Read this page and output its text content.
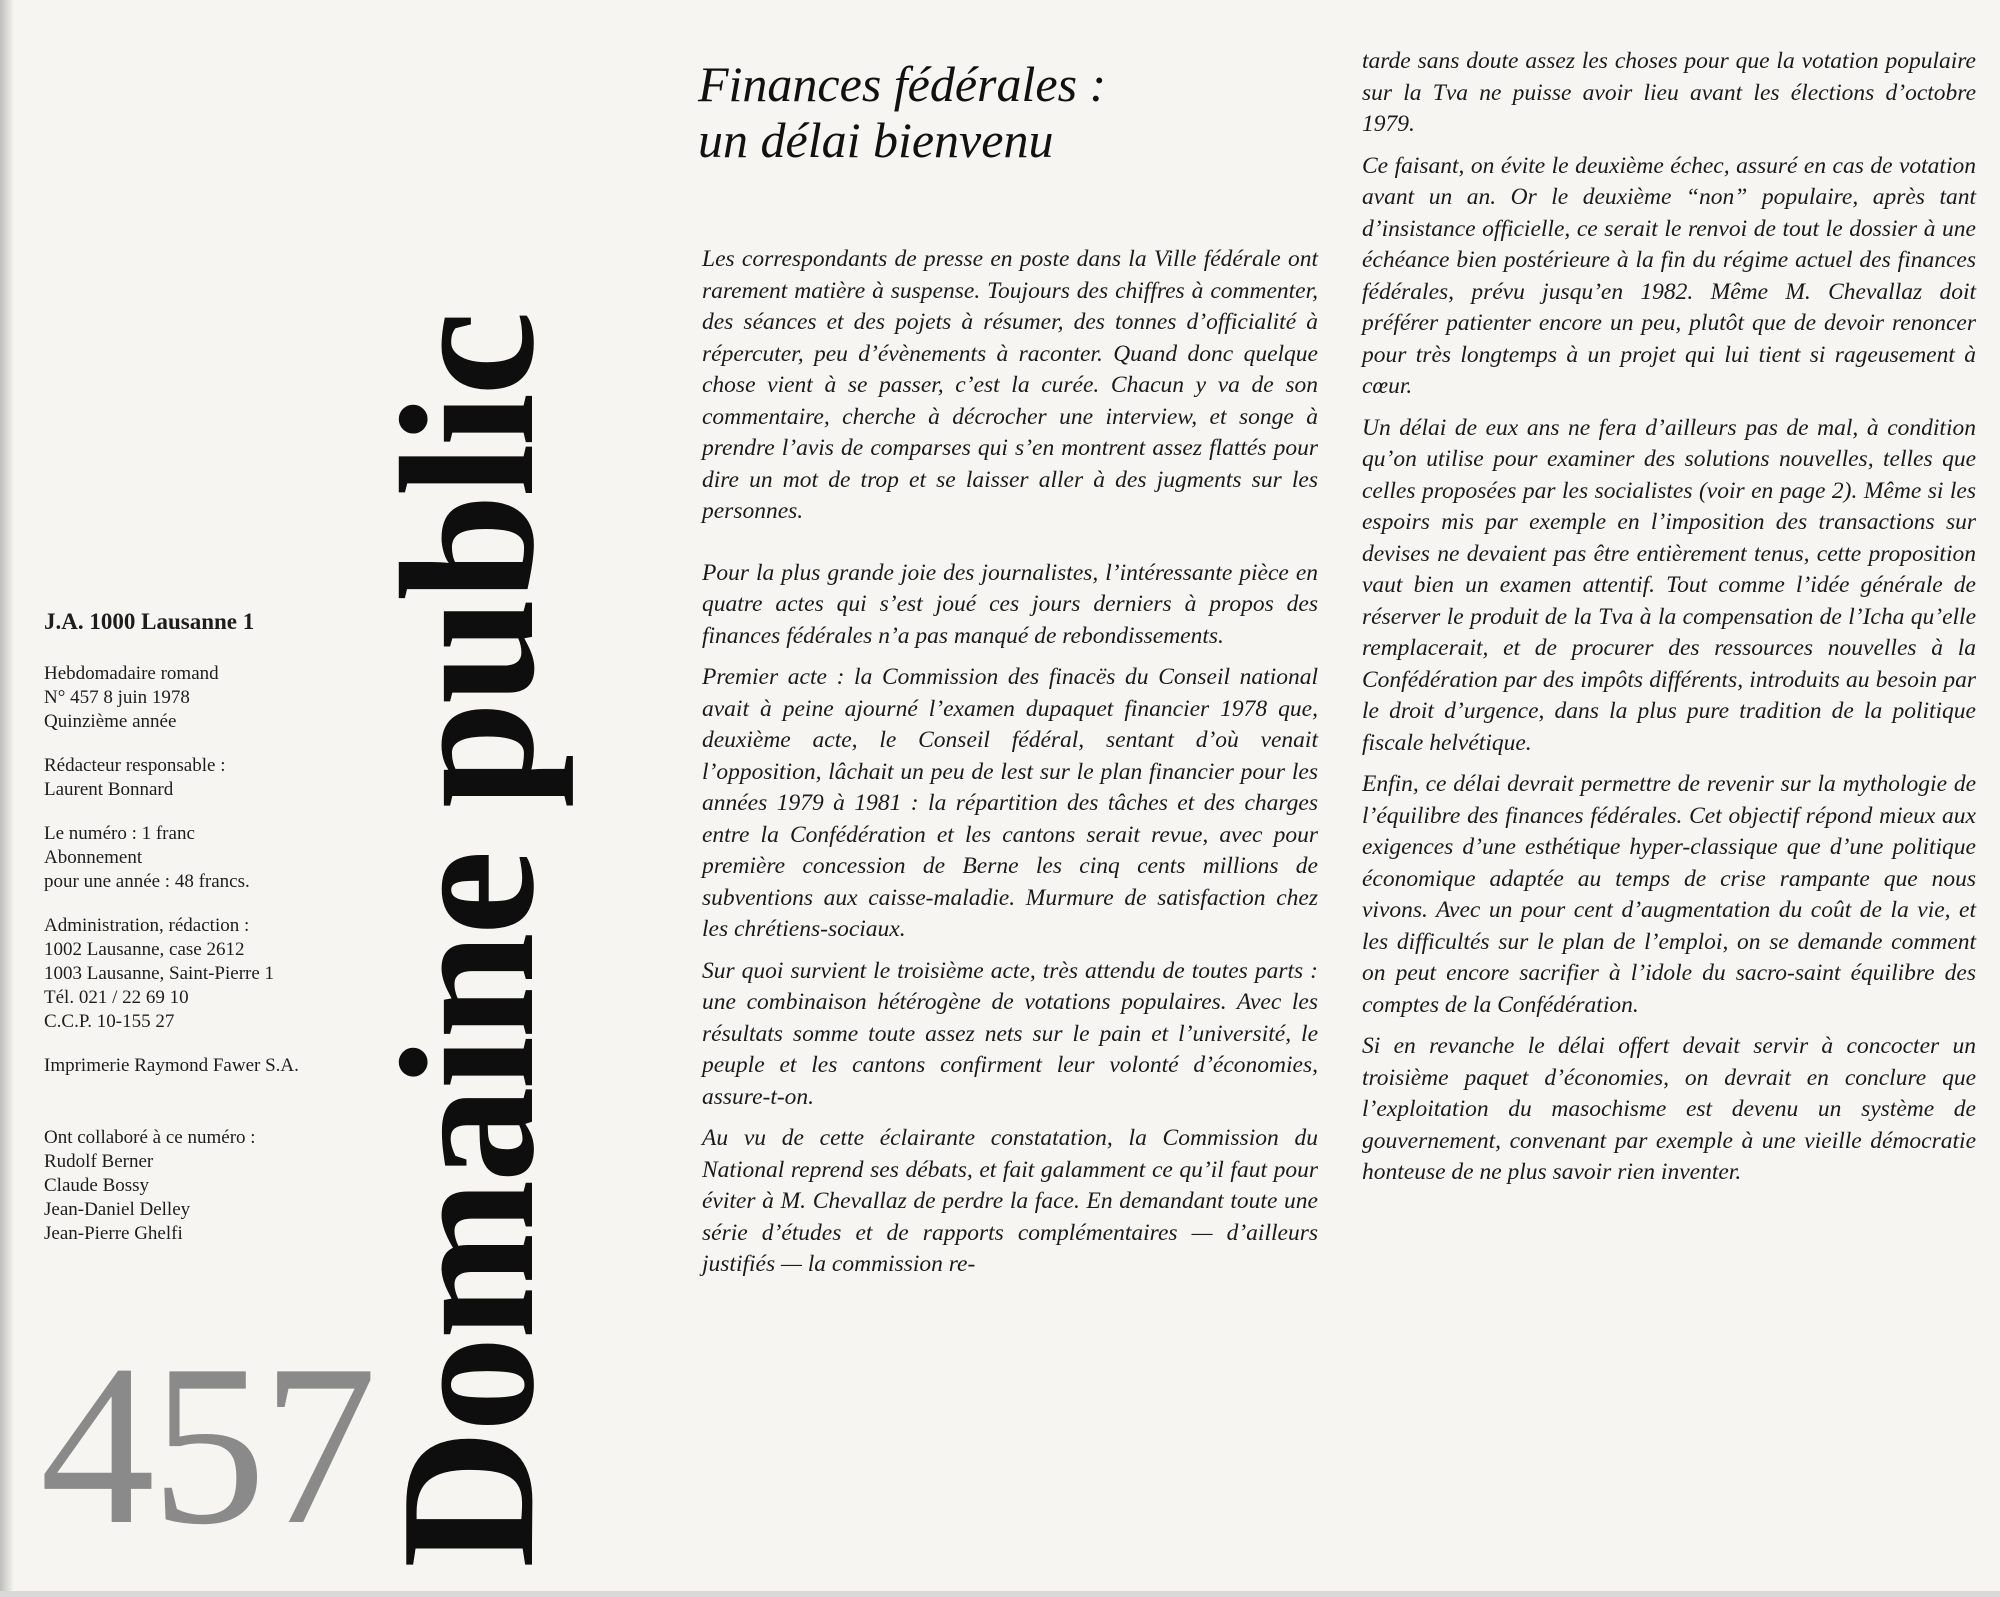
J.A. 1000 Lausanne 1
Hebdomadaire romand
N° 457 8 juin 1978
Quinzième année
Rédacteur responsable :
Laurent Bonnard
Le numéro : 1 franc
Abonnement
pour une année : 48 francs.
Administration, rédaction :
1002 Lausanne, case 2612
1003 Lausanne, Saint-Pierre 1
Tél. 021 / 22 69 10
C.C.P. 10-155 27
Imprimerie Raymond Fawer S.A.
Ont collaboré à ce numéro :
Rudolf Berner
Claude Bossy
Jean-Daniel Delley
Jean-Pierre Ghelfi
457
Domaine public
Finances fédérales :
un délai bienvenu

Les correspondants de presse en poste dans la Ville fédérale ont rarement matière à suspense. Toujours des chiffres à commenter, des séances et des pojets à résumer, des tonnes d’officialité à répercuter, peu d’évènements à raconter. Quand donc quelque chose vient à se passer, c’est la curée. Chacun y va de son commentaire, cherche à décrocher une interview, et songe à prendre l’avis de comparses qui s’en montrent assez flattés pour dire un mot de trop et se laisser aller à des jugments sur les personnes.

Pour la plus grande joie des journalistes, l’intéressante pièce en quatre actes qui s’est joué ces jours derniers à propos des finances fédérales n’a pas manqué de rebondissements.

Premier acte : la Commission des finacës du Conseil national avait à peine ajourné l’examen dupaquet financier 1978 que, deuxième acte, le Conseil fédéral, sentant d’où venait l’opposition, lâchait un peu de lest sur le plan financier pour les années 1979 à 1981 : la répartition des tâches et des charges entre la Confédération et les cantons serait revue, avec pour première concession de Berne les cinq cents millions de subventions aux caisse-maladie. Murmure de satisfaction chez les chrétiens-sociaux.

Sur quoi survient le troisième acte, très attendu de toutes parts : une combinaison hétérogène de votations populaires. Avec les résultats somme toute assez nets sur le pain et l’université, le peuple et les cantons confirment leur volonté d’économies, assure-t-on.

Au vu de cette éclairante constatation, la Commission du National reprend ses débats, et fait galamment ce qu’il faut pour éviter à M. Chevallaz de perdre la face. En demandant toute une série d’études et de rapports complémentaires — d’ailleurs justifiés — la commission re-

tarde sans doute assez les choses pour que la votation populaire sur la Tva ne puisse avoir lieu avant les élections d’octobre 1979.

Ce faisant, on évite le deuxième échec, assuré en cas de votation avant un an. Or le deuxième “non” populaire, après tant d’insistance officielle, ce serait le renvoi de tout le dossier à une échéance bien postérieure à la fin du régime actuel des finances fédérales, prévu jusqu’en 1982. Même M. Chevallaz doit préférer patienter encore un peu, plutôt que de devoir renoncer pour très longtemps à un projet qui lui tient si rageusement à cœur.

Un délai de eux ans ne fera d’ailleurs pas de mal, à condition qu’on utilise pour examiner des solutions nouvelles, telles que celles proposées par les socialistes (voir en page 2). Même si les espoirs mis par exemple en l’imposition des transactions sur devises ne devaient pas être entièrement tenus, cette proposition vaut bien un examen attentif. Tout comme l’idée générale de réserver le produit de la Tva à la compensation de l’Icha qu’elle remplacerait, et de procurer des ressources nouvelles à la Confédération par des impôts différents, introduits au besoin par le droit d’urgence, dans la plus pure tradition de la politique fiscale helvétique.

Enfin, ce délai devrait permettre de revenir sur la mythologie de l’équilibre des finances fédérales. Cet objectif répond mieux aux exigences d’une esthétique hyper-classique que d’une politique économique adaptée au temps de crise rampante que nous vivons. Avec un pour cent d’augmentation du coût de la vie, et les difficultés sur le plan de l’emploi, on se demande comment on peut encore sacrifier à l’idole du sacro-saint équilibre des comptes de la Confédération.

Si en revanche le délai offert devait servir à concocter un troisième paquet d’économies, on devrait en conclure que l’exploitation du masochisme est devenu un système de gouvernement, convenant par exemple à une vieille démocratie honteuse de ne plus savoir rien inventer.
